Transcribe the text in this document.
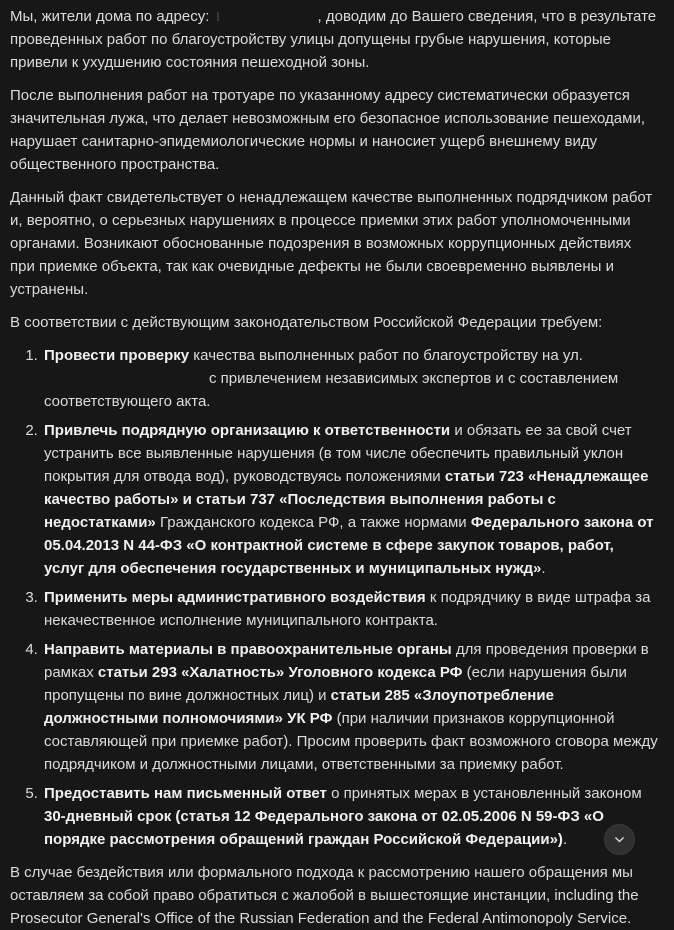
Мы, жители дома по адресу:	, доводим до Вашего сведения, что в результате проведенных работ по благоустройству улицы допущены грубые нарушения, которые привели к ухудшению состояния пешеходной зоны.

После выполнения работ на тротуаре по указанному адресу систематически образуется значительная лужа, что делает невозможным его безопасное использование пешеходами, нарушает санитарно-эпидемиологические нормы и наносиет ущерб внешнему виду общественного пространства.

Данный факт свидетельствует о ненадлежащем качестве выполненных подрядчиком работ и, вероятно, о серьезных нарушениях в процессе приемки этих работ уполномоченными органами. Возникают обоснованные подозрения в возможных коррупционных действиях при приемке объекта, так как очевидные дефекты не были своевременно выявлены и устранены.

В соответствии с действующим законодательством Российской Федерации требуем:

1. Провести проверку качества выполненных работ по благоустройству на ул.с привлечением независимых экспертов и с составлением соответствующего акта.
2. Привлечь подрядную организацию к ответственности и обязать ее за свой счет устранить все выявленные нарушения (в том числе обеспечить правильный уклон покрытия для отвода вод), руководствуясь положениями статьи 723 «Ненадлежащее качество работы» и статьи 737 «Последствия выполнения работы с недостатками» Гражданского кодекса РФ, а также нормами Федерального закона от 05.04.2013 N 44-ФЗ «О контрактной системе в сфере закупок товаров, работ, услуг для обеспечения государственных и муниципальных нужд».
3. Применить меры административного воздействия к подрядчику в виде штрафа за некачественное исполнение муниципального контракта.
4. Направить материалы в правоохранительные органы для проведения проверки в рамках статьи 293 «Халатность» Уголовного кодекса РФ (если нарушения были пропущены по вине должностных лиц) и статьи 285 «Злоупотребление должностными полномочиями» УК РФ (при наличии признаков коррупционной составляющей при приемке работ). Просим проверить факт возможного сговора между подрядчиком и должностными лицами, ответственными за приемку работ.
5. Предоставить нам письменный ответ о принятых мерах в установленный законом 30-дневный срок (статья 12 Федерального закона от 02.05.2006 N 59-ФЗ «О порядке рассмотрения обращений граждан Российской Федерации»).

В случае бездействия или формального подхода к рассмотрению нашего обращения мы оставляем за собой право обратиться с жалобой в вышестоящие инстанции, including the Prosecutor General's Office of the Russian Federation and the Federal Antimonopoly Service.
